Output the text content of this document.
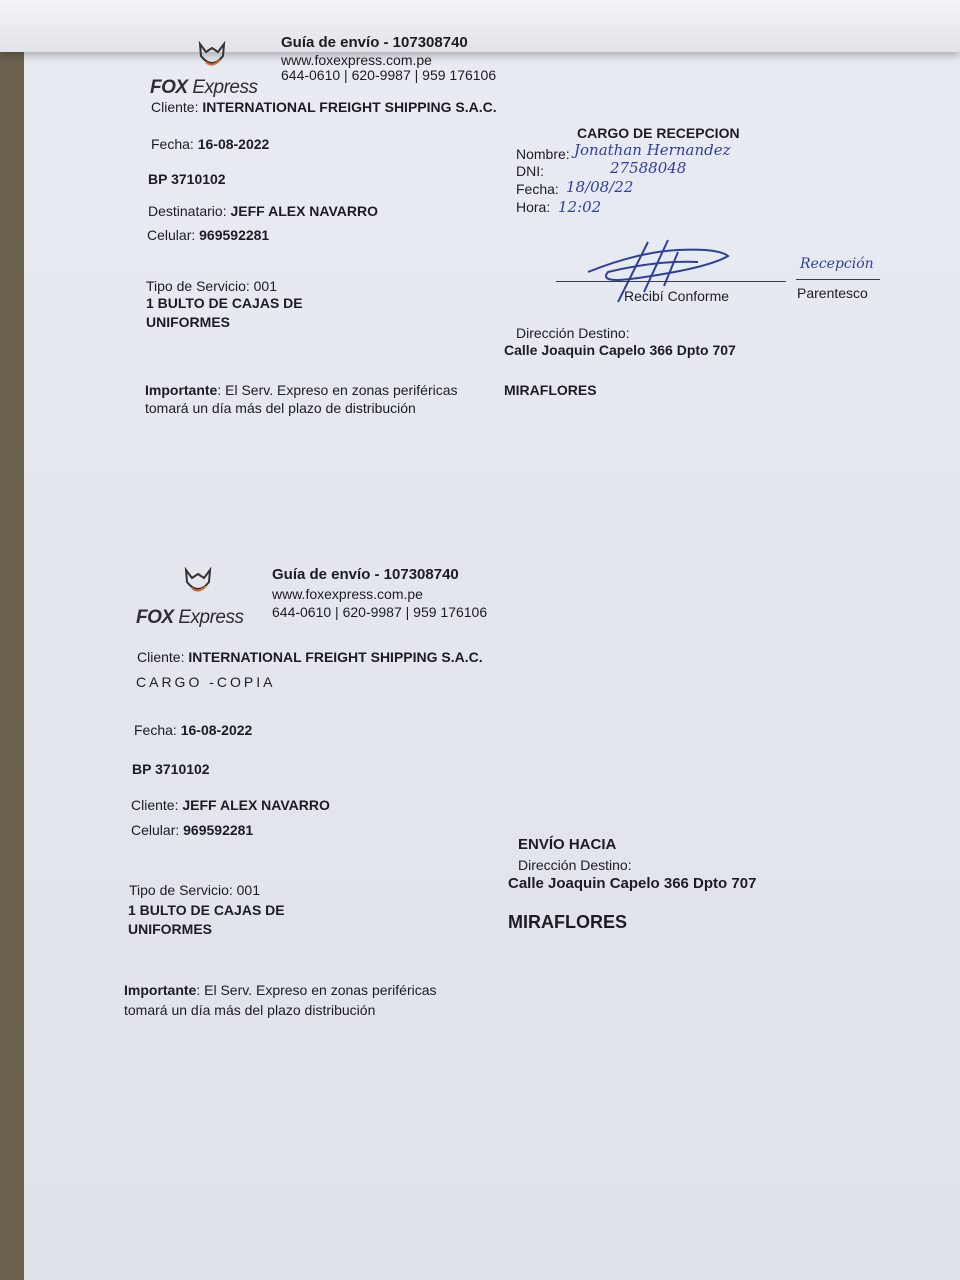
FOX Express
Guía de envío - 107308740
www.foxexpress.com.pe
644-0610 | 620-9987 | 959 176106
Cliente: INTERNATIONAL FREIGHT SHIPPING S.A.C.
Fecha: 16-08-2022
BP 3710102
Destinatario: JEFF ALEX NAVARRO
Celular: 969592281
Tipo de Servicio: 001
1 BULTO DE CAJAS DE
UNIFORMES
Importante: El Serv. Expreso en zonas periféricas
tomará un día más del plazo de distribución
CARGO DE RECEPCION
Nombre: Jonathan Hernandez
DNI:	27588048
Fecha: 18/08/22
Hora: 12:02
Recibí Conforme
Recepción
Parentesco
Dirección Destino:
Calle Joaquin Capelo 366 Dpto 707
MIRAFLORES
FOX Express
Guía de envío - 107308740
www.foxexpress.com.pe
644-0610 | 620-9987 | 959 176106
Cliente: INTERNATIONAL FREIGHT SHIPPING S.A.C.
CARGO -COPIA
Fecha: 16-08-2022
BP 3710102
Cliente: JEFF ALEX NAVARRO
Celular: 969592281
Tipo de Servicio: 001
1 BULTO DE CAJAS DE
UNIFORMES
Importante: El Serv. Expreso en zonas periféricas
tomará un día más del plazo distribución
ENVÍO HACIA
Dirección Destino:
Calle Joaquin Capelo 366 Dpto 707
MIRAFLORES
